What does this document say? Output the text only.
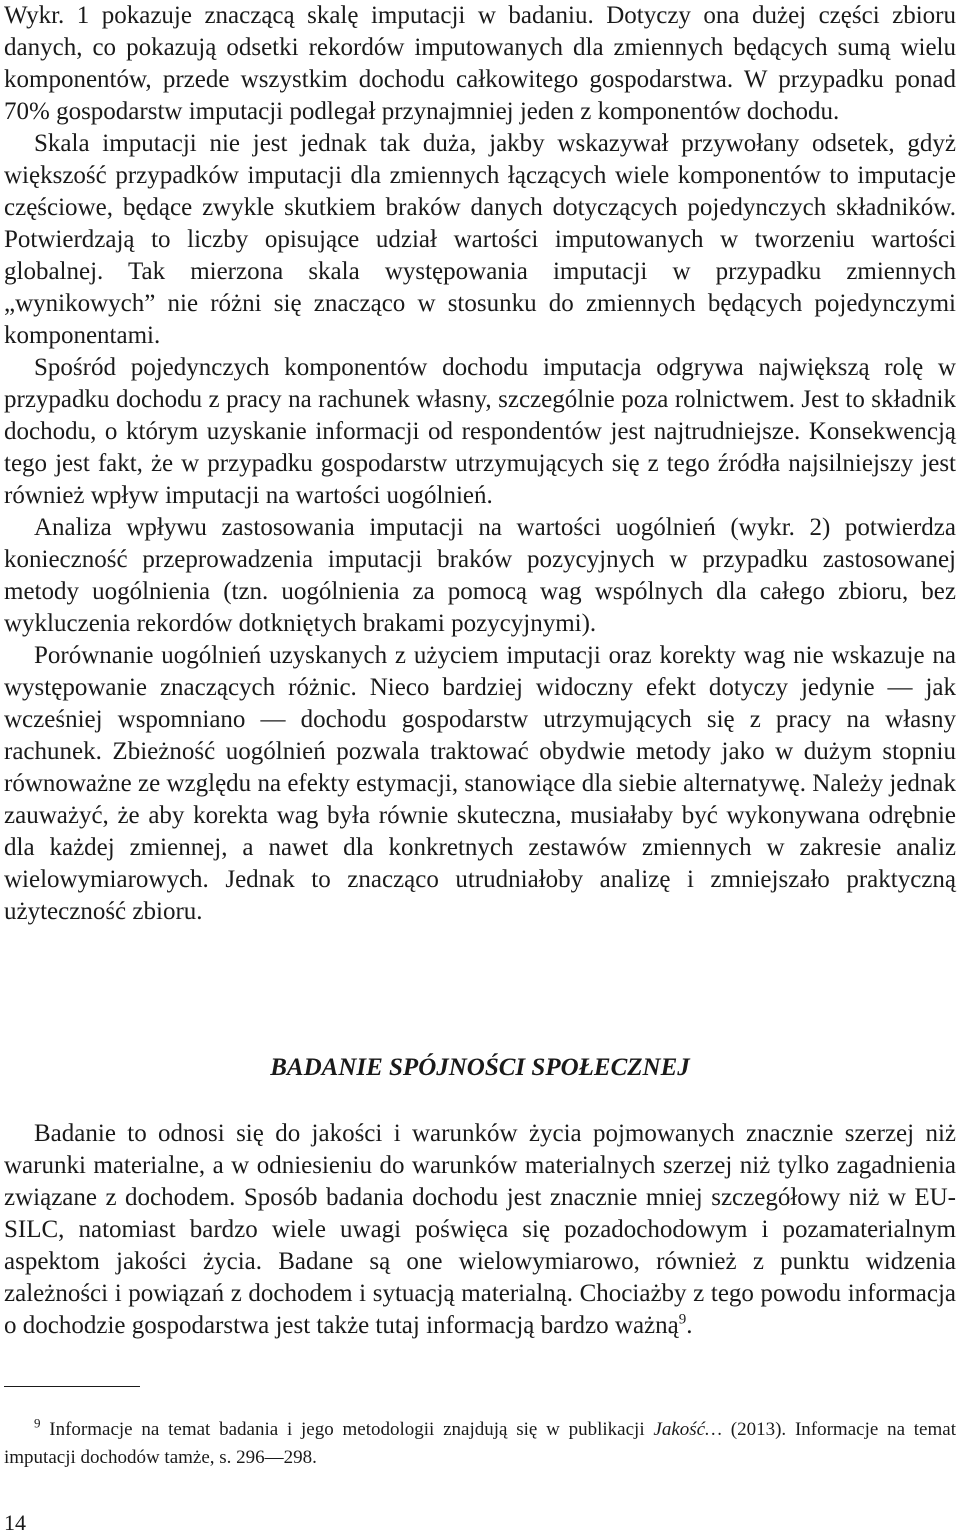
Wykr. 1 pokazuje znaczącą skalę imputacji w badaniu. Dotyczy ona dużej części zbioru danych, co pokazują odsetki rekordów imputowanych dla zmiennych będących sumą wielu komponentów, przede wszystkim dochodu całkowitego gospodarstwa. W przypadku ponad 70% gospodarstw imputacji podlegał przynajmniej jeden z komponentów dochodu.

Skala imputacji nie jest jednak tak duża, jakby wskazywał przywołany odsetek, gdyż większość przypadków imputacji dla zmiennych łączących wiele komponentów to imputacje częściowe, będące zwykle skutkiem braków danych dotyczących pojedynczych składników. Potwierdzają to liczby opisujące udział wartości imputowanych w tworzeniu wartości globalnej. Tak mierzona skala występowania imputacji w przypadku zmiennych „wynikowych” nie różni się znacząco w stosunku do zmiennych będących pojedynczymi komponentami.

Spośród pojedynczych komponentów dochodu imputacja odgrywa największą rolę w przypadku dochodu z pracy na rachunek własny, szczególnie poza rolnictwem. Jest to składnik dochodu, o którym uzyskanie informacji od respondentów jest najtrudniejsze. Konsekwencją tego jest fakt, że w przypadku gospodarstw utrzymujących się z tego źródła najsilniejszy jest również wpływ imputacji na wartości uogólnień.

Analiza wpływu zastosowania imputacji na wartości uogólnień (wykr. 2) potwierdza konieczność przeprowadzenia imputacji braków pozycyjnych w przypadku zastosowanej metody uogólnienia (tzn. uogólnienia za pomocą wag wspólnych dla całego zbioru, bez wykluczenia rekordów dotkniętych brakami pozycyjnymi).

Porównanie uogólnień uzyskanych z użyciem imputacji oraz korekty wag nie wskazuje na występowanie znaczących różnic. Nieco bardziej widoczny efekt dotyczy jedynie — jak wcześniej wspomniano — dochodu gospodarstw utrzymujących się z pracy na własny rachunek. Zbieżność uogólnień pozwala traktować obydwie metody jako w dużym stopniu równoważne ze względu na efekty estymacji, stanowiące dla siebie alternatywę. Należy jednak zauważyć, że aby korekta wag była równie skuteczna, musiałaby być wykonywana odrębnie dla każdej zmiennej, a nawet dla konkretnych zestawów zmiennych w zakresie analiz wielowymiarowych. Jednak to znacząco utrudniałoby analizę i zmniejszało praktyczną użyteczność zbioru.

BADANIE SPÓJNOŚCI SPOŁECZNEJ

Badanie to odnosi się do jakości i warunków życia pojmowanych znacznie szerzej niż warunki materialne, a w odniesieniu do warunków materialnych szerzej niż tylko zagadnienia związane z dochodem. Sposób badania dochodu jest znacznie mniej szczegółowy niż w EU-SILC, natomiast bardzo wiele uwagi poświęca się pozadochodowym i pozamaterialnym aspektom jakości życia. Badane są one wielowymiarowo, również z punktu widzenia zależności i powiązań z dochodem i sytuacją materialną. Chociażby z tego powodu informacja o dochodzie gospodarstwa jest także tutaj informacją bardzo ważną$^9$.

$^9$ Informacje na temat badania i jego metodologii znajdują się w publikacji Jakość… (2013). Informacje na temat imputacji dochodów tamże, s. 296—298.

14
